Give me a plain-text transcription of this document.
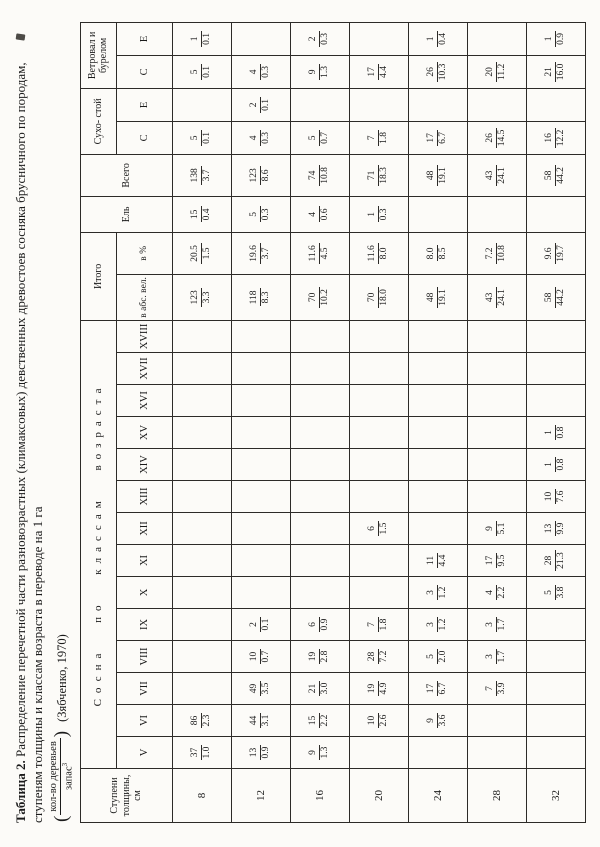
Таблица 2. Распределение перечетной части разновозрастных (климаксовых) девственных древостоев сосняка брусничного по породам, ступеням толщины и классам возраста в переводе на 1 га (
кол-во деревьев запас$^3$
)
(Зябченко, 1970)

Ступени толщины, см	Сосна по классам возраста														Итого		Ель	Всего	Сухо- стой		Ветровал и бурелом	
	V	VI	VII	VIII	IX	X	XI	XII	XIII	XIV	XV	XVI	XVII	XVIII	в абс. вел.	в %			С	Е	С	Е
8	37 1.0	86 2.3													123 3.3	20.5 1.5	15 0.4	138 3.7	5 0.1		5 0.1	1 0.1

12	13 0.9	44 3.1	49 3.5	10 0.7	2 0.1										118 8.3	19.6 3.7	5 0.3	123 8.6	4 0.3	2 0.1	4 0.3	

16	9 1.3	15 2.2	21 3.0	19 2.8	6 0.9										70 10.2	11.6 4.5	4 0.6	74 10.8	5 0.7		9 1.3	2 0.3

20		10 2.6	19 4.9	28 7.2	7 1.8			6 1.5							70 18.0	11.6 8.0	1 0.3	71 18.3	7 1.8		17 4.4	

24		9 3.6	17 6.7	5 2.0	3 1.2	3 1.2	11 4.4								48 19.1	8.0 8.5		48 19.1	17 6.7		26 10.3	1 0.4

28			7 3.9	3 1.7	3 1.7	4 2.2	17 9.5	9 5.1							43 24.1	7.2 10.8		43 24.1	26 14.5		20 11.2	

32						5 3.8	28 21.3	13 9.9	10 7.6	1 0.8	1 0.8				58 44.2	9.6 19.7		58 44.2	16 12.2		21 16.0	1 0.9
